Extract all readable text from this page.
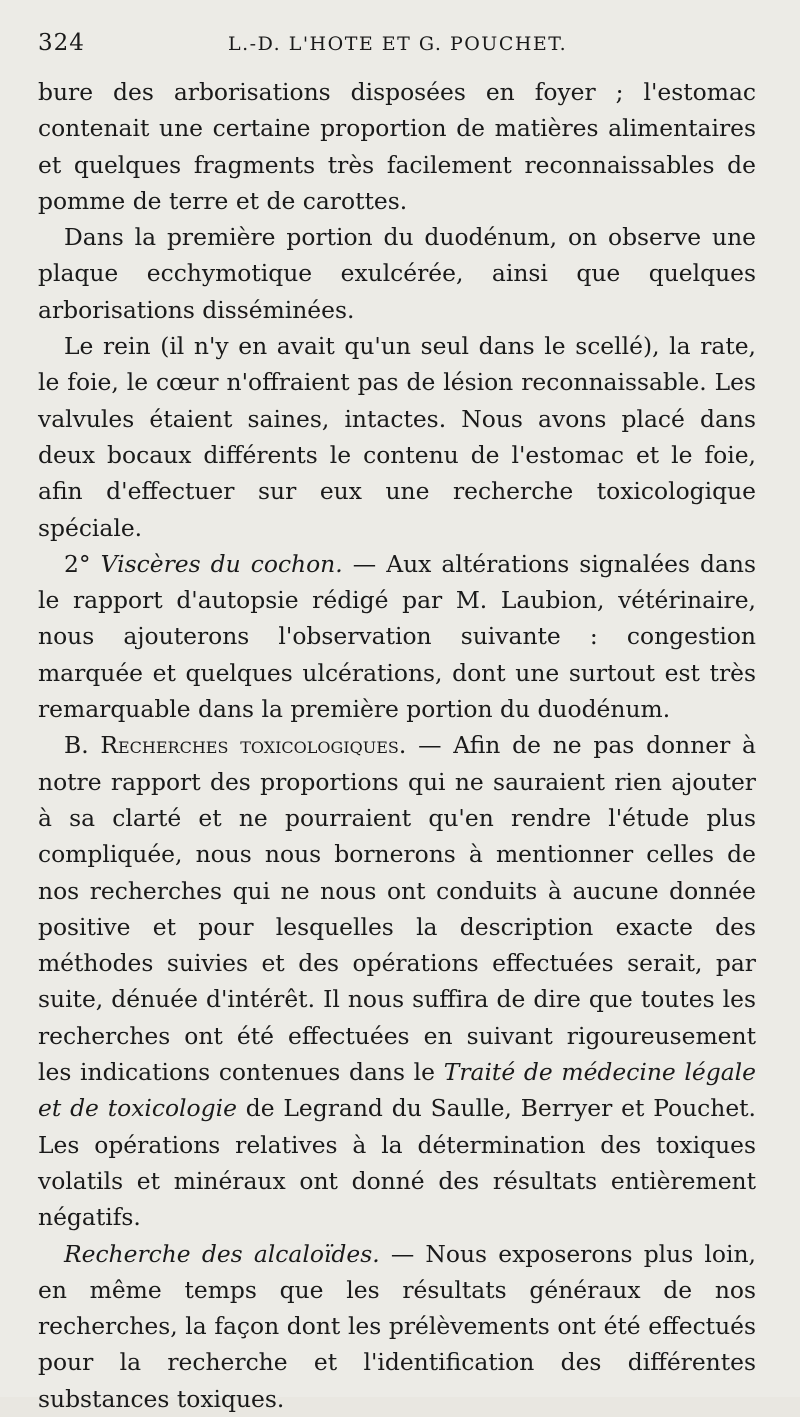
324	L.-D. L'HOTE ET G. POUCHET.

bure des arborisations disposées en foyer ; l'estomac contenait une certaine proportion de matières alimentaires et quelques fragments très facilement reconnaissables de pomme de terre et de carottes.

Dans la première portion du duodénum, on observe une plaque ecchymotique exulcérée, ainsi que quelques arborisations disséminées.

Le rein (il n'y en avait qu'un seul dans le scellé), la rate, le foie, le cœur n'offraient pas de lésion reconnaissable. Les valvules étaient saines, intactes. Nous avons placé dans deux bocaux différents le contenu de l'estomac et le foie, afin d'effectuer sur eux une recherche toxicologique spéciale.

2° Viscères du cochon. — Aux altérations signalées dans le rapport d'autopsie rédigé par M. Laubion, vétérinaire, nous ajouterons l'observation suivante : congestion marquée et quelques ulcérations, dont une surtout est très remarquable dans la première portion du duodénum.

B. Recherches toxicologiques. — Afin de ne pas donner à notre rapport des proportions qui ne sauraient rien ajouter à sa clarté et ne pourraient qu'en rendre l'étude plus compliquée, nous nous bornerons à mentionner celles de nos recherches qui ne nous ont conduits à aucune donnée positive et pour lesquelles la description exacte des méthodes suivies et des opérations effectuées serait, par suite, dénuée d'intérêt. Il nous suffira de dire que toutes les recherches ont été effectuées en suivant rigoureusement les indications contenues dans le Traité de médecine légale et de toxicologie de Legrand du Saulle, Berryer et Pouchet. Les opérations relatives à la détermination des toxiques volatils et minéraux ont donné des résultats entièrement négatifs.

Recherche des alcaloïdes. — Nous exposerons plus loin, en même temps que les résultats généraux de nos recherches, la façon dont les prélèvements ont été effectués pour la recherche et l'identification des différentes substances toxiques.
